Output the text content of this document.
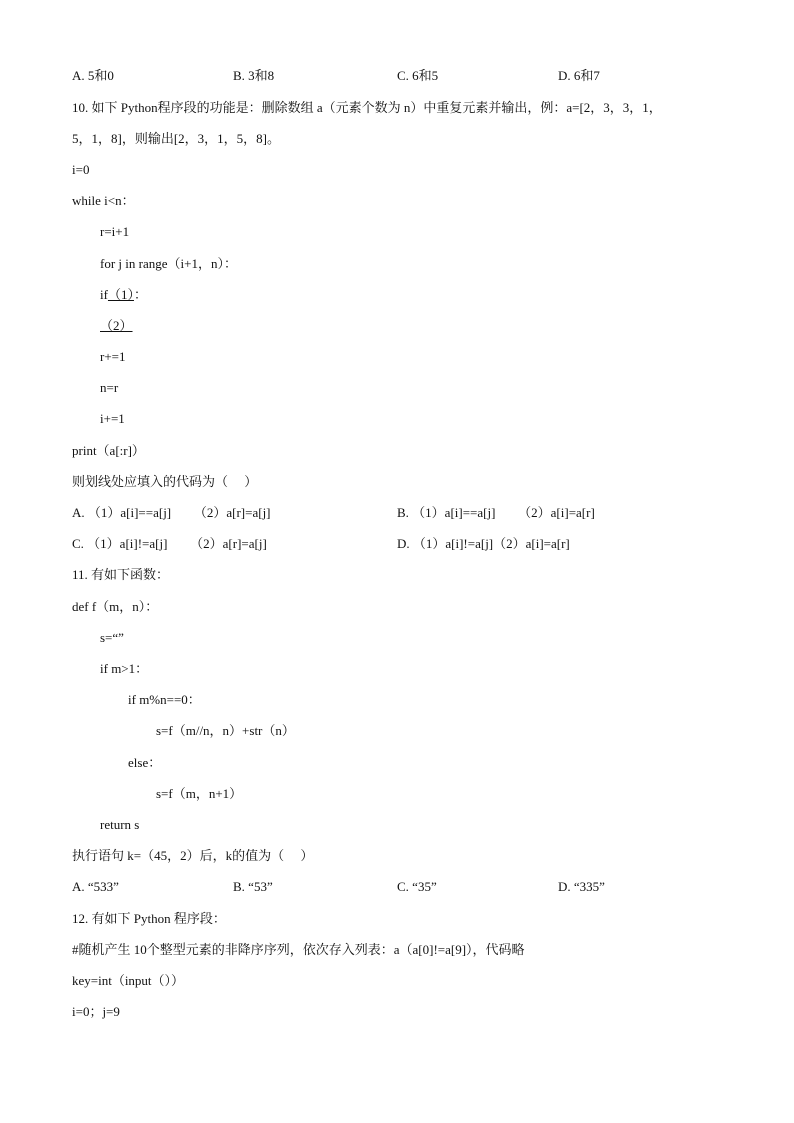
A. 5和0	B. 3和8	C. 6和5	D. 6和7
10. 如下 Python程序段的功能是：删除数组 a（元素个数为 n）中重复元素并输出，例：a=[2，3，3，1，
5，1，8]，则输出[2，3，1，5，8]。
i=0
while i<n：
r=i+1
for j in range（i+1，n）：
if（1）：
（2）
r+=1
n=r
i+=1
print（a[:r]）
则划线处应填入的代码为（     ）
A. （1）a[i]==a[j]       （2）a[r]=a[j]	B. （1）a[i]==a[j]       （2）a[i]=a[r]
C. （1）a[i]!=a[j]       （2）a[r]=a[j]	D. （1）a[i]!=a[j]（2）a[i]=a[r]
11. 有如下函数：
def f（m，n）：
s=“”
if m>1：
if m%n==0：
s=f（m//n，n）+str（n）
else：
s=f（m，n+1）
return s
执行语句 k=（45，2）后，k的值为（     ）
A. “533”	B. “53”	C. “35”	D. “335”
12. 有如下 Python 程序段：
#随机产生 10个整型元素的非降序序列，依次存入列表：a（a[0]!=a[9]），代码略
key=int（input（））
i=0；j=9
